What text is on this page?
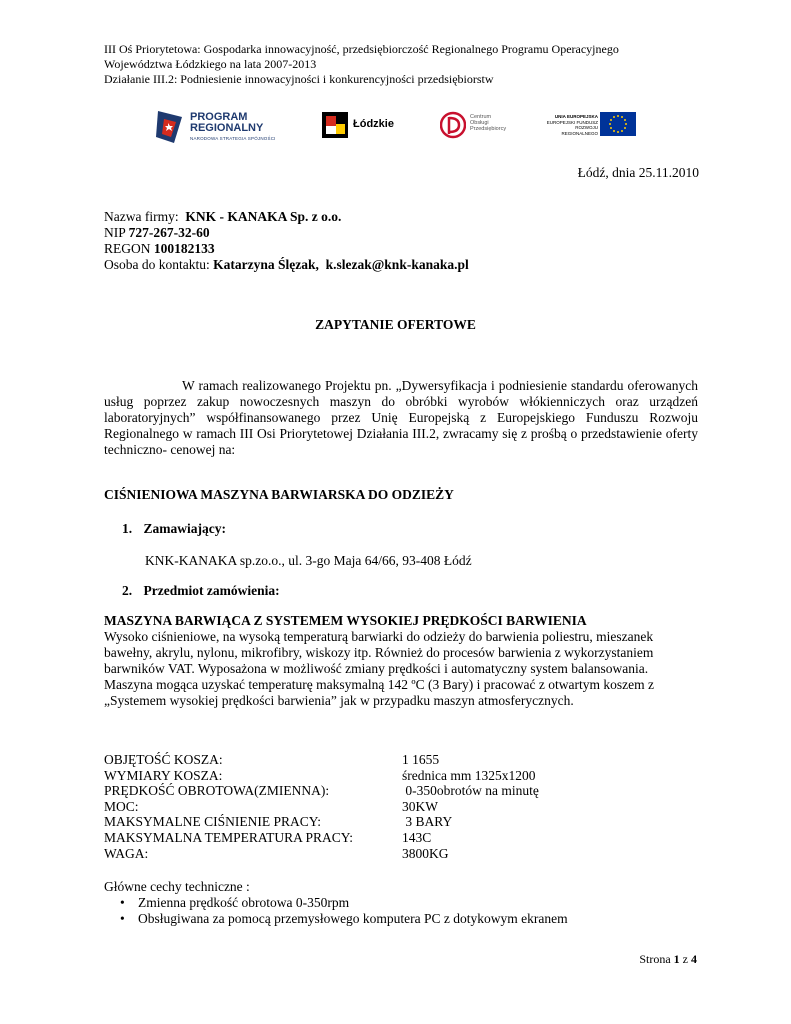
III Oś Priorytetowa: Gospodarka innowacyjność, przedsiębiorczość Regionalnego Programu Operacyjnego
Województwa Łódzkiego na lata 2007-2013
Działanie III.2: Podniesienie innowacyjności i konkurencyjności przedsiębiorstw
PROGRAM
REGIONALNY
NARODOWA STRATEGIA SPÓJNOŚCI
Łódzkie
Centrum
Obsługi
Przedsiębiorcy
UNIA EUROPEJSKA
EUROPEJSKI FUNDUSZ
ROZWOJU REGIONALNEGO
Łódź, dnia 25.11.2010
Nazwa firmy: KNK - KANAKA Sp. z o.o.
NIP 727-267-32-60
REGON 100182133
Osoba do kontaktu: Katarzyna Ślęzak,  k.slezak@knk-kanaka.pl
ZAPYTANIE OFERTOWE
W ramach realizowanego Projektu pn. „Dywersyfikacja i podniesienie standardu oferowanych usług poprzez zakup nowoczesnych maszyn do obróbki wyrobów włókienniczych oraz urządzeń laboratoryjnych” współfinansowanego przez Unię Europejską z Europejskiego Funduszu Rozwoju Regionalnego w ramach III Osi Priorytetowej Działania III.2, zwracamy się z prośbą o przedstawienie oferty techniczno- cenowej na:
CIŚNIENIOWA MASZYNA BARWIARSKA DO ODZIEŻY
1. Zamawiający:
KNK-KANAKA sp.zo.o., ul. 3-go Maja 64/66, 93-408 Łódź
2. Przedmiot zamówienia:
MASZYNA BARWIĄCA Z SYSTEMEM WYSOKIEJ PRĘDKOŚCI BARWIENIA
Wysoko ciśnieniowe, na wysoką temperaturą barwiarki do odzieży do barwienia poliestru, mieszanek
bawełny, akrylu, nylonu, mikrofibry, wiskozy itp. Również do procesów barwienia z wykorzystaniem
barwników VAT. Wyposażona w możliwość zmiany prędkości i automatyczny system balansowania.
Maszyna mogąca uzyskać temperaturę maksymalną 142 ºC (3 Bary) i pracować z otwartym koszem z
„Systemem wysokiej prędkości barwienia” jak w przypadku maszyn atmosferycznych.
OBJĘTOŚĆ KOSZA:	1 1655
WYMIARY KOSZA:	średnica mm 1325x1200
PRĘDKOŚĆ OBROTOWA(ZMIENNA):	0-350obrotów na minutę
MOC:	30KW
MAKSYMALNE CIŚNIENIE PRACY:	3 BARY
MAKSYMALNA TEMPERATURA PRACY:	143C
WAGA:	3800KG
Główne cechy techniczne :
• Zmienna prędkość obrotowa 0-350rpm
• Obsługiwana za pomocą przemysłowego komputera PC z dotykowym ekranem
Strona 1 z 4
